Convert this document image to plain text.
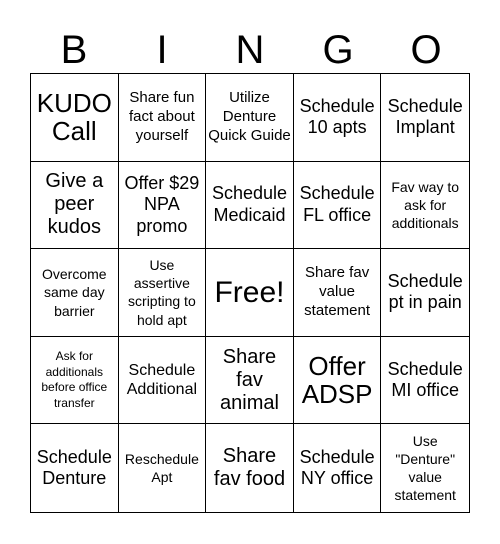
B	I	N	G	O
KUDO Call
Share fun fact about yourself
Utilize Denture Quick Guide
Schedule 10 apts
Schedule Implant
Give a peer kudos
Offer $29 NPA promo
Schedule Medicaid
Schedule FL office
Fav way to ask for additionals
Overcome same day barrier
Use assertive scripting to hold apt
Free!
Share fav value statement
Schedule pt in pain
Ask for additionals before office transfer
Schedule Additional
Share fav animal
Offer ADSP
Schedule MI office
Schedule Denture
Reschedule Apt
Share fav food
Schedule NY office
Use "Denture" value statement
